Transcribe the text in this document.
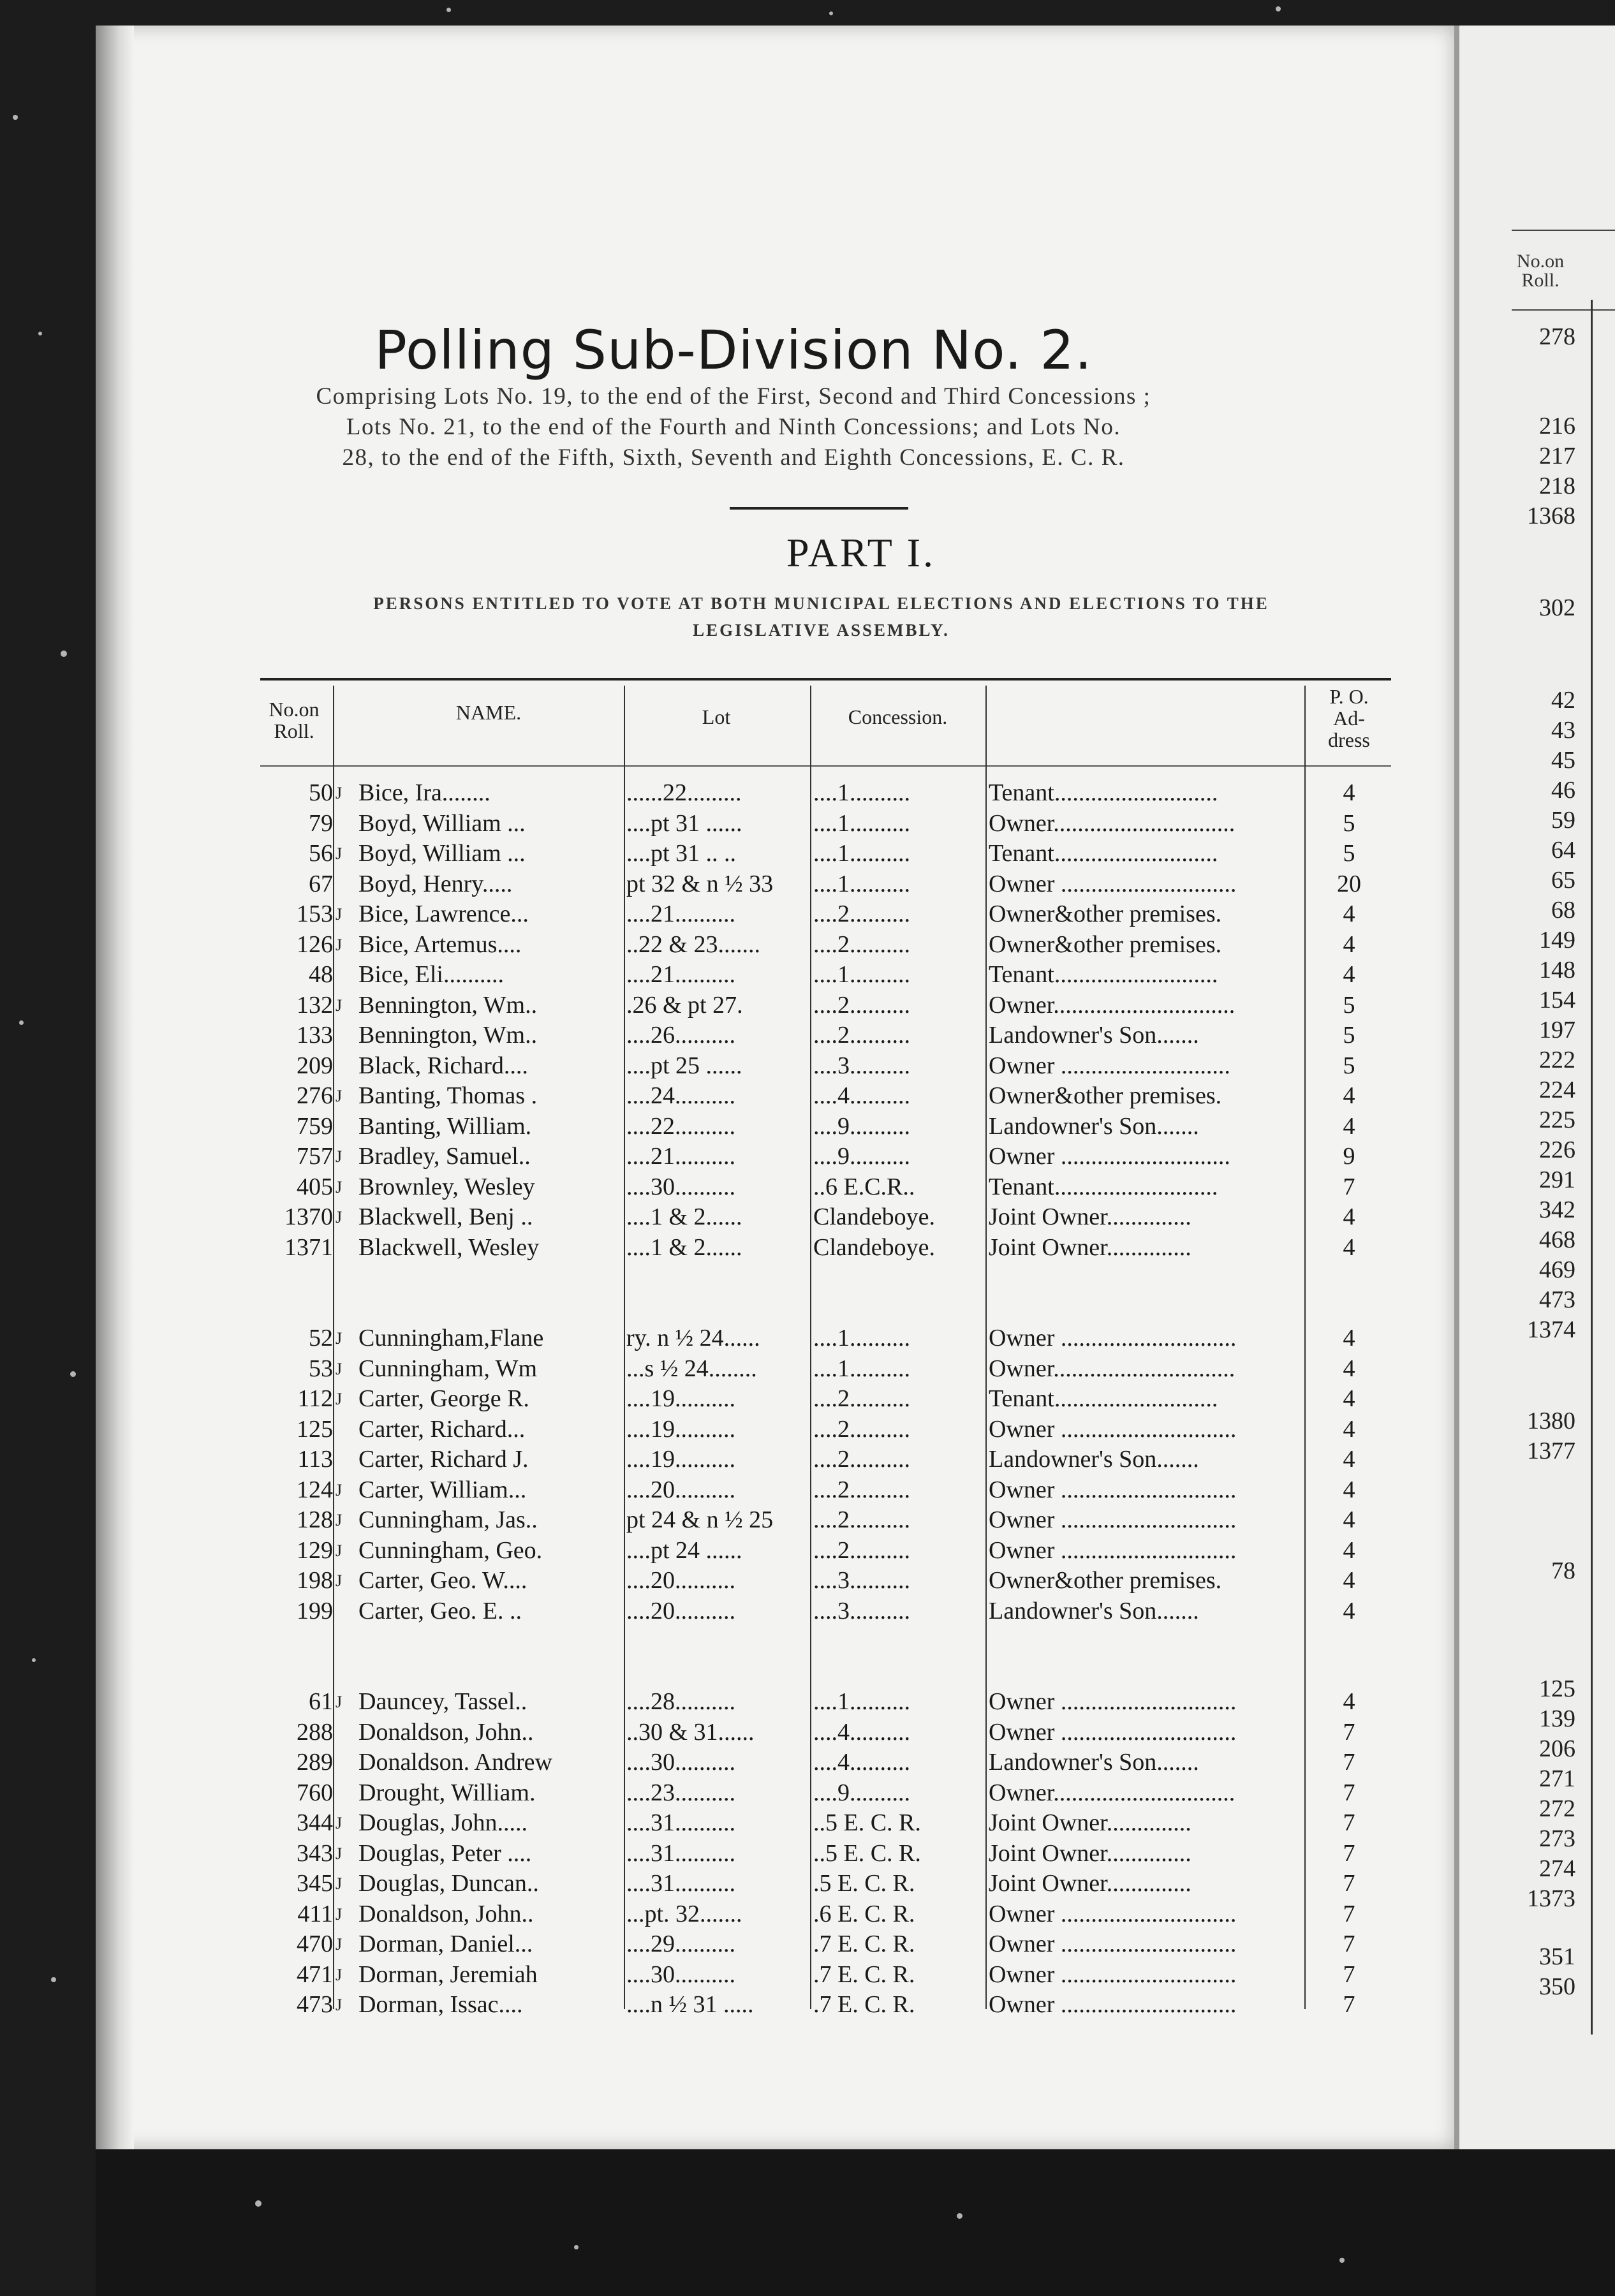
Polling Sub-Division No. 2.
Comprising Lots No. 19, to the end of the First, Second and Third Concessions ;
Lots No. 21, to the end of the Fourth and Ninth Concessions; and Lots No.
28, to the end of the Fifth, Sixth, Seventh and Eighth Concessions, E. C. R.
PART I.
PERSONS ENTITLED TO VOTE AT BOTH MUNICIPAL ELECTIONS AND ELECTIONS TO THE
LEGISLATIVE ASSEMBLY.
No.on
Roll.
NAME.	Lot	Concession.
P. O.
Ad-
dress
50 J Bice, Ira........	......22.........	....1..........	Tenant...........................	4
79 Boyd, William ...	....pt 31 ......	....1..........	Owner..............................	5
56 J Boyd, William ...	....pt 31 .. ..	....1..........	Tenant...........................	5
67 Boyd, Henry.....	pt 32 & n ½ 33	....1..........	Owner .............................	20
153 J Bice, Lawrence...	....21..........	....2..........	Owner&other premises.	4
126 J Bice, Artemus....	..22 & 23.......	....2..........	Owner&other premises.	4
48 Bice, Eli..........	....21..........	....1..........	Tenant...........................	4
132 J Bennington, Wm..	.26 & pt 27.	....2..........	Owner..............................	5
133 Bennington, Wm..	....26..........	....2..........	Landowner's Son.......	5
209 Black, Richard....	....pt 25 ......	....3..........	Owner ............................	5
276 J Banting, Thomas .	....24..........	....4..........	Owner&other premises.	4
759 Banting, William.	....22..........	....9..........	Landowner's Son.......	4
757 J Bradley, Samuel..	....21..........	....9..........	Owner ............................	9
405 J Brownley, Wesley	....30..........	..6 E.C.R..	Tenant...........................	7
1370 J Blackwell, Benj ..	....1 & 2......	Clandeboye.	Joint Owner..............	4
1371 Blackwell, Wesley	....1 & 2......	Clandeboye.	Joint Owner..............	4
52 J Cunningham,Flane	ry. n ½ 24......	....1..........	Owner .............................	4
53 J Cunningham, Wm	...s ½ 24........	....1..........	Owner..............................	4
112 J Carter, George R.	....19..........	....2..........	Tenant...........................	4
125 Carter, Richard...	....19..........	....2..........	Owner .............................	4
113 Carter, Richard J.	....19..........	....2..........	Landowner's Son.......	4
124 J Carter, William...	....20..........	....2..........	Owner .............................	4
128 J Cunningham, Jas..	pt 24 & n ½ 25	....2..........	Owner .............................	4
129 J Cunningham, Geo.	....pt 24 ......	....2..........	Owner .............................	4
198 J Carter, Geo. W....	....20..........	....3..........	Owner&other premises.	4
199 Carter, Geo. E. ..	....20..........	....3..........	Landowner's Son.......	4
61 J Dauncey, Tassel..	....28..........	....1..........	Owner .............................	4
288 Donaldson, John..	..30 & 31......	....4..........	Owner .............................	7
289 Donaldson. Andrew	....30..........	....4..........	Landowner's Son.......	7
760 Drought, William.	....23..........	....9..........	Owner..............................	7
344 J Douglas, John.....	....31..........	..5 E. C. R.	Joint Owner..............	7
343 J Douglas, Peter ....	....31..........	..5 E. C. R.	Joint Owner..............	7
345 J Douglas, Duncan..	....31..........	.5 E. C. R.	Joint Owner..............	7
411 J Donaldson, John..	...pt. 32.......	.6 E. C. R.	Owner .............................	7
470 J Dorman, Daniel...	....29..........	.7 E. C. R.	Owner .............................	7
471 J Dorman, Jeremiah	....30..........	.7 E. C. R.	Owner .............................	7
473 J Dorman, Issac....	....n ½ 31 .....	.7 E. C. R.	Owner .............................	7
No.on
Roll.
278
216
217
218
1368
302
42
43
45
46
59
64
65
68
149
148
154
197
222
224
225
226
291
342
468
469
473
1374
1380
1377
78
125
139
206
271
272
273
274
1373
351
350
